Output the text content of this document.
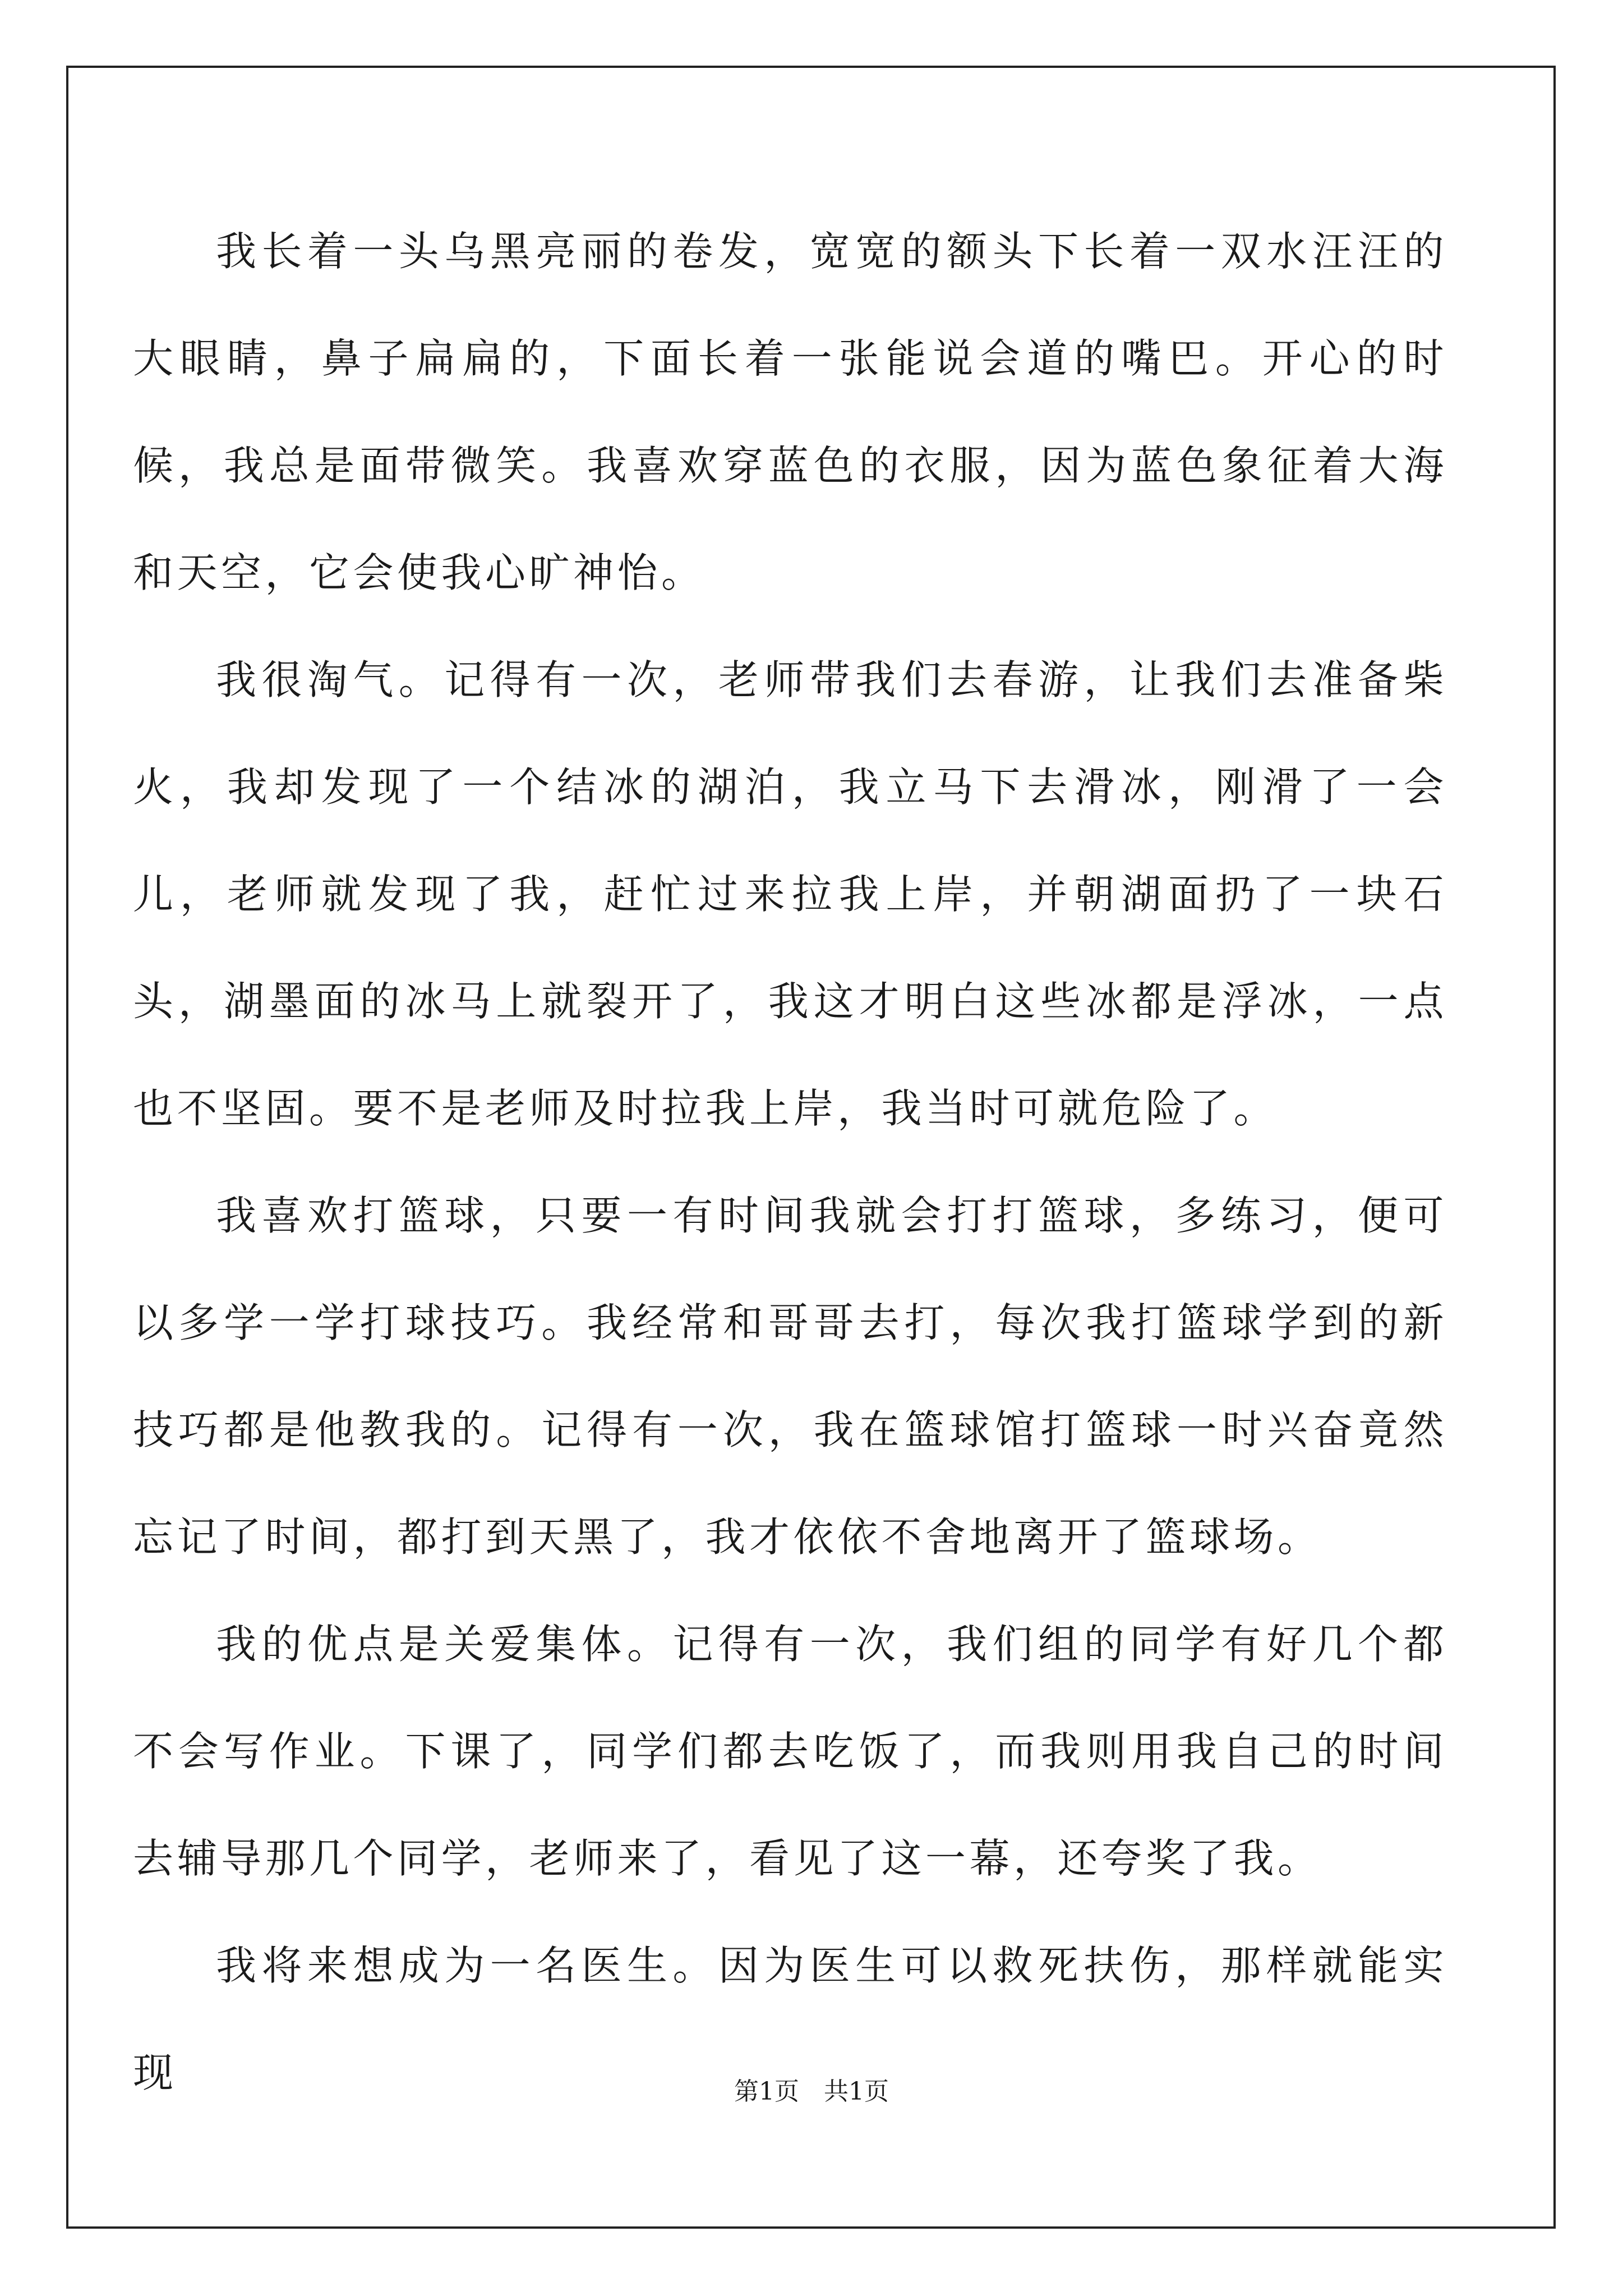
我长着一头乌黑亮丽的卷发，宽宽的额头下长着一双水汪汪的大眼睛，鼻子扁扁的，下面长着一张能说会道的嘴巴。开心的时候，我总是面带微笑。我喜欢穿蓝色的衣服，因为蓝色象征着大海和天空，它会使我心旷神怡。

我很淘气。记得有一次，老师带我们去春游，让我们去准备柴火，我却发现了一个结冰的湖泊，我立马下去滑冰，刚滑了一会儿，老师就发现了我，赶忙过来拉我上岸，并朝湖面扔了一块石头，湖墨面的冰马上就裂开了，我这才明白这些冰都是浮冰，一点也不坚固。要不是老师及时拉我上岸，我当时可就危险了。

我喜欢打篮球，只要一有时间我就会打打篮球，多练习，便可以多学一学打球技巧。我经常和哥哥去打，每次我打篮球学到的新技巧都是他教我的。记得有一次，我在篮球馆打篮球一时兴奋竟然忘记了时间，都打到天黑了，我才依依不舍地离开了篮球场。

我的优点是关爱集体。记得有一次，我们组的同学有好几个都不会写作业。下课了，同学们都去吃饭了，而我则用我自己的时间去辅导那几个同学，老师来了，看见了这一幕，还夸奖了我。

我将来想成为一名医生。因为医生可以救死扶伤，那样就能实现	第1页　共1页
